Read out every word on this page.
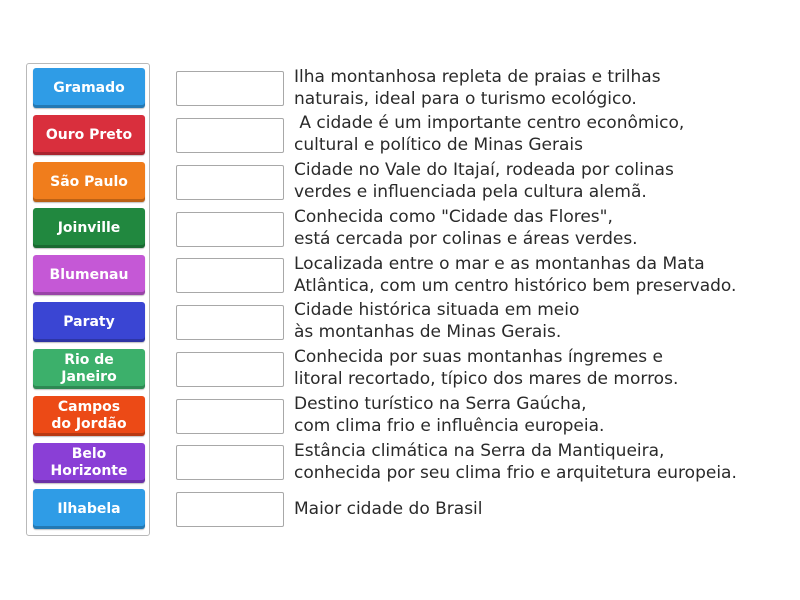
Gramado
Ouro Preto
São Paulo
Joinville
Blumenau
Paraty
Rio de Janeiro
Campos
do Jordão
Belo
Horizonte
Ilhabela
Ilha montanhosa repleta de praias e trilhas
naturais, ideal para o turismo ecológico.
A cidade é um importante centro econômico,
cultural e político de Minas Gerais
Cidade no Vale do Itajaí, rodeada por colinas
verdes e influenciada pela cultura alemã.
Conhecida como "Cidade das Flores",
está cercada por colinas e áreas verdes.
Localizada entre o mar e as montanhas da Mata
Atlântica, com um centro histórico bem preservado.
Cidade histórica situada em meio
às montanhas de Minas Gerais.
Conhecida por suas montanhas íngremes e
litoral recortado, típico dos mares de morros.
Destino turístico na Serra Gaúcha,
com clima frio e influência europeia.
Estância climática na Serra da Mantiqueira,
conhecida por seu clima frio e arquitetura europeia.
Maior cidade do Brasil
